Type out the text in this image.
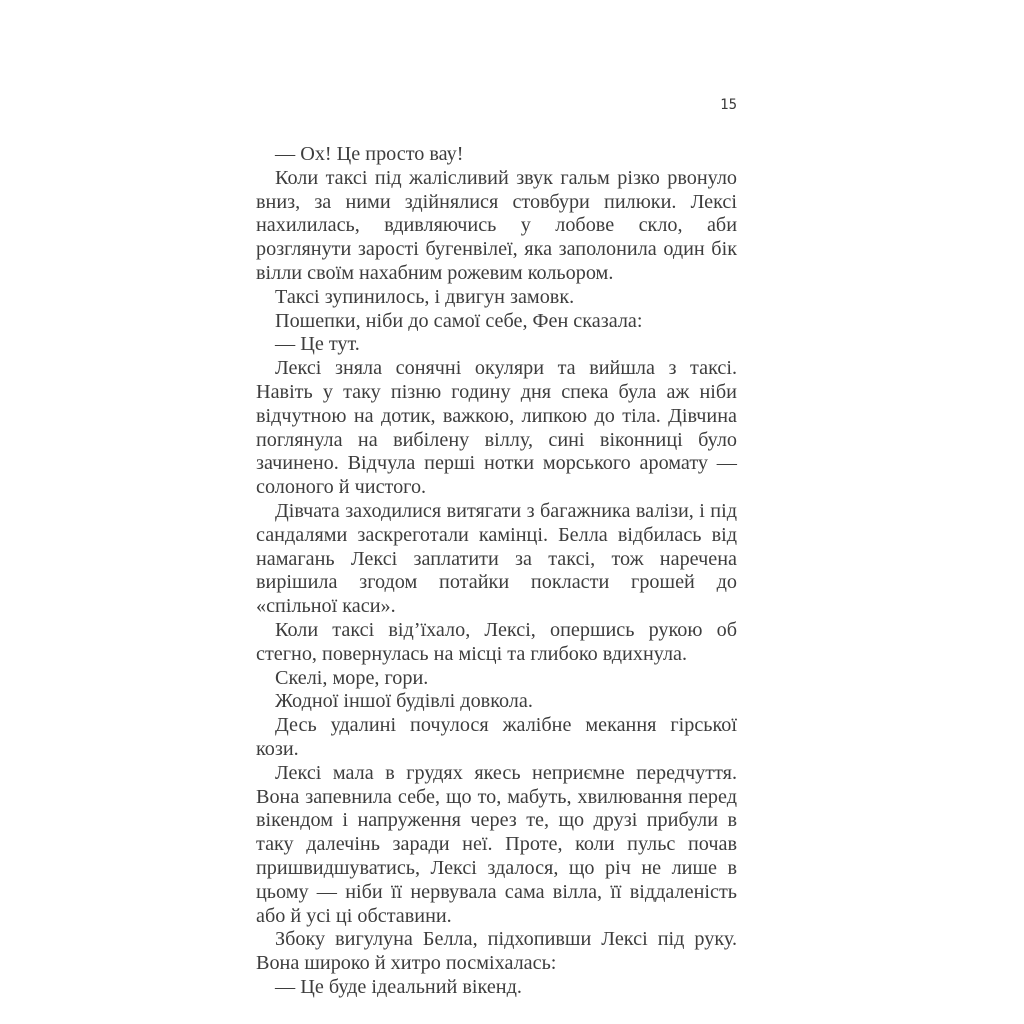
15

— Ох! Це просто вау!

Коли таксі під жалісливий звук гальм різко рвонуло вниз, за ними здійнялися стовбури пилюки. Лексі нахилилась, вдивляючись у лобове скло, аби розглянути зарості бугенвілеї, яка заполонила один бік вілли своїм нахабним рожевим кольором.

Таксі зупинилось, і двигун замовк.

Пошепки, ніби до самої себе, Фен сказала:

— Це тут.

Лексі зняла сонячні окуляри та вийшла з таксі. Навіть у таку пізню годину дня спека була аж ніби відчутною на дотик, важкою, липкою до тіла. Дівчина поглянула на вибілену віллу, сині віконниці було зачинено. Відчула перші нотки морського аромату — солоного й чистого.

Дівчата заходилися витягати з багажника валізи, і під сандалями заскреготали камінці. Белла відбилась від намагань Лексі заплатити за таксі, тож наречена вирішила згодом потайки покласти грошей до «спільної каси».

Коли таксі від’їхало, Лексі, опершись рукою об стегно, повернулась на місці та глибоко вдихнула.

Скелі, море, гори.

Жодної іншої будівлі довкола.

Десь удалині почулося жалібне мекання гірської кози.

Лексі мала в грудях якесь неприємне передчуття. Вона запевнила себе, що то, мабуть, хвилювання перед вікендом і напруження через те, що друзі прибули в таку далечінь заради неї. Проте, коли пульс почав пришвидшуватись, Лексі здалося, що річ не лише в цьому — ніби її нервувала сама вілла, її віддаленість або й усі ці обставини.

Збоку вигулуна Белла, підхопивши Лексі під руку. Вона широко й хитро посміхалась:

— Це буде ідеальний вікенд.
